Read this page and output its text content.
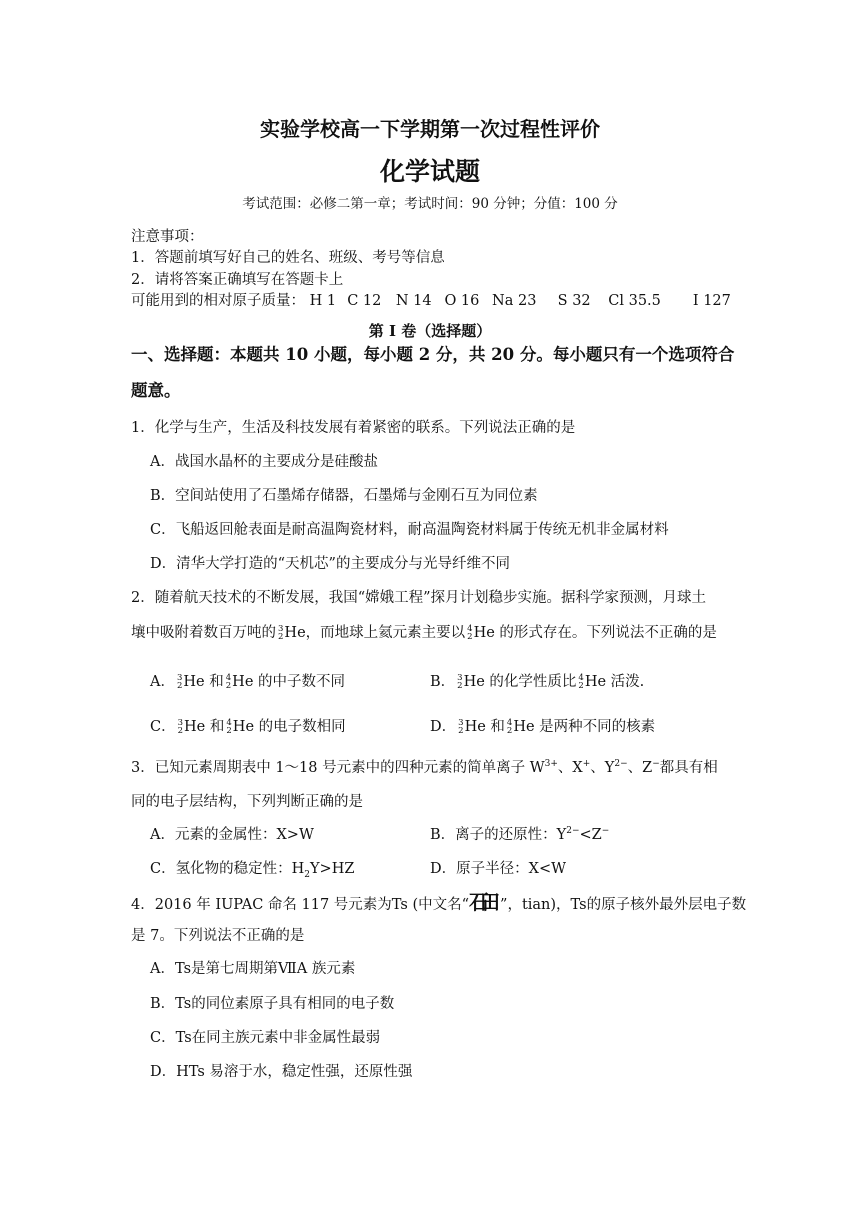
实验学校高一下学期第一次过程性评价
化学试题
考试范围：必修二第一章；考试时间：90 分钟；分值：100 分
注意事项：
1．答题前填写好自己的姓名、班级、考号等信息
2．请将答案正确填写在答题卡上
可能用到的相对原子质量： H 1 C 12 N 14 O 16 Na 23 S 32 Cl 35.5 I 127
第 I 卷（选择题）
一、选择题：本题共 10 小题，每小题 2 分，共 20 分。每小题只有一个选项符合
题意。
1．化学与生产，生活及科技发展有着紧密的联系。下列说法正确的是
A．战国水晶杯的主要成分是硅酸盐
B．空间站使用了石墨烯存储器，石墨烯与金刚石互为同位素
C．飞船返回舱表面是耐高温陶瓷材料，耐高温陶瓷材料属于传统无机非金属材料
D．清华大学打造的“天机芯”的主要成分与光导纤维不同
2．随着航天技术的不断发展，我国“嫦娥工程”探月计划稳步实施。据科学家预测，月球土
壤中吸附着数百万吨的 3
2 He，而地球上氦元素主要以 4
2 He 的形式存在。下列说法不正确的是
A． 3
2 He 和 4
2 He 的中子数不同	B． 3
2 He 的化学性质比 4
2 He 活泼.
C． 3
2 He 和 4
2 He 的电子数相同	D． 3
2 He 和 4
2 He 是两种不同的核素
3．已知元素周期表中 1～18 号元素中的四种元素的简单离子 $W^{3+}$、X+、$Y^{2-}$、Z−都具有相
同的电子层结构，下列判断正确的是
A．元素的金属性：X>W	B．离子的还原性：$Y^{2-}<Z^-$
C．氢化物的稳定性：$H_2Y>HZ$	D．原子半径：X<W
4．2016 年 IUPAC 命名 117 号元素为Ts (中文名“石田 ”，tian)，Ts的原子核外最外层电子数
是 7。下列说法不正确的是
A．Ts是第七周期第ⅦA 族元素
B．Ts的同位素原子具有相同的电子数
C．Ts在同主族元素中非金属性最弱
D．HTs 易溶于水，稳定性强，还原性强
